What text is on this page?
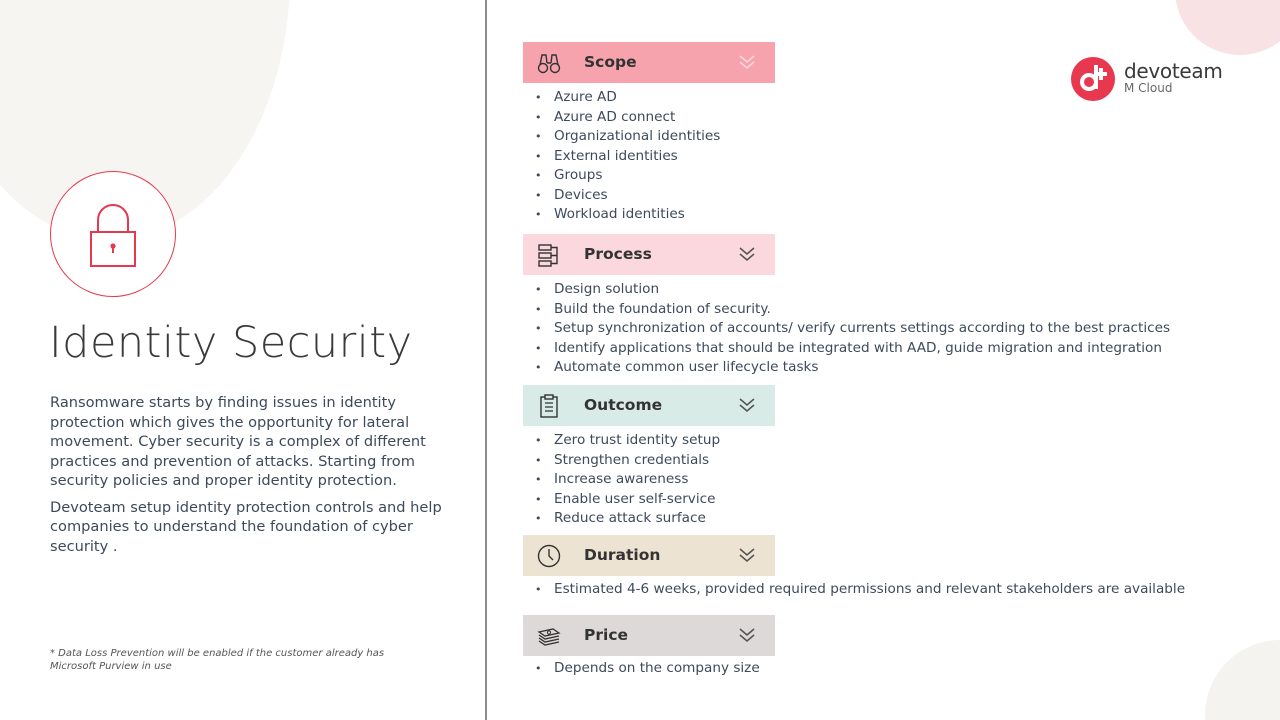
Identity Security

Ransomware starts by finding issues in identity protection which gives the opportunity for lateral movement. Cyber security is a complex of different practices and prevention of attacks. Starting from security policies and proper identity protection.

Devoteam setup identity protection controls and help companies to understand the foundation of cyber security .

* Data Loss Prevention will be enabled if the customer already has Microsoft Purview in use
devoteam
M Cloud
Scope
• Azure AD
• Azure AD connect
• Organizational identities
• External identities
• Groups
• Devices
• Workload identities
Process
• Design solution
• Build the foundation of security.
• Setup synchronization of accounts/ verify currents settings according to the best practices
• Identify applications that should be integrated with AAD, guide migration and integration
• Automate common user lifecycle tasks
Outcome
• Zero trust identity setup
• Strengthen credentials
• Increase awareness
• Enable user self-service
• Reduce attack surface
Duration
• Estimated 4-6 weeks, provided required permissions and relevant stakeholders are available
Price
• Depends on the company size
